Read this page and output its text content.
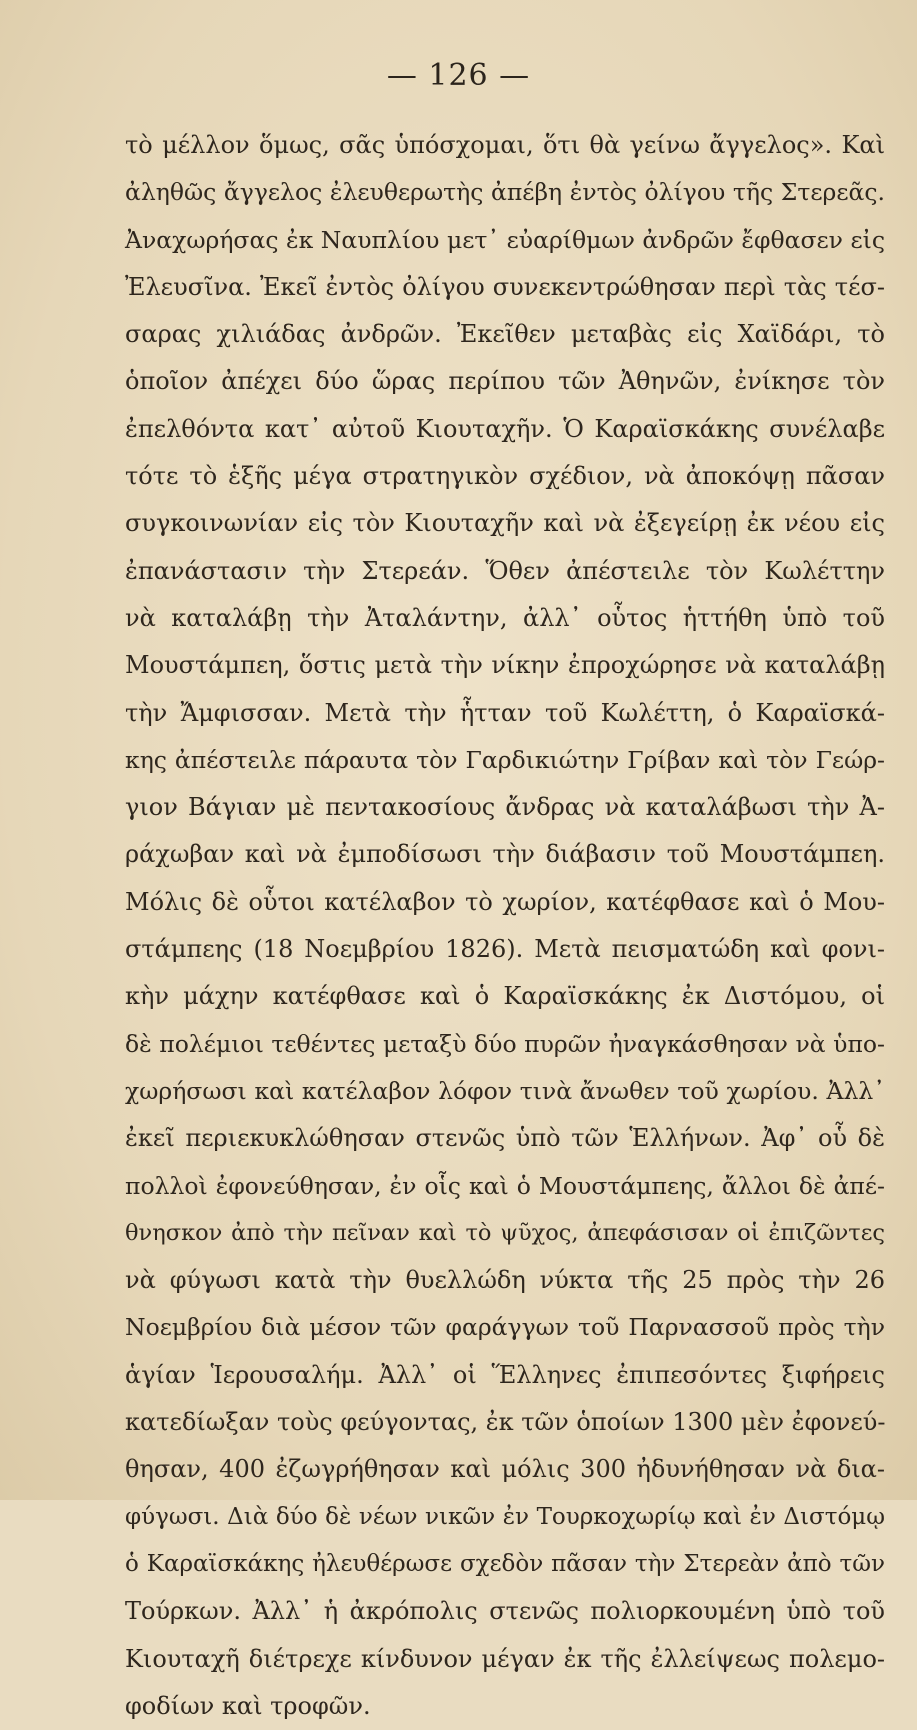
— 126 —
τὸ μέλλον ὅμως, σᾶς ὑπόσχομαι, ὅτι θὰ γείνω ἄγγελος». Καὶ
ἀληθῶς ἄγγελος ἐλευθερωτὴς ἀπέβη ἐντὸς ὀλίγου τῆς Στερεᾶς.
Ἀναχωρήσας ἐκ Ναυπλίου μετ᾽ εὐαρίθμων ἀνδρῶν ἔφθασεν εἰς
Ἐλευσῖνα. Ἐκεῖ ἐντὸς ὀλίγου συνεκεντρώθησαν περὶ τὰς τέσ-
σαρας χιλιάδας ἀνδρῶν. Ἐκεῖθεν μεταβὰς εἰς Χαϊδάρι, τὸ
ὁποῖον ἀπέχει δύο ὥρας περίπου τῶν Ἀθηνῶν, ἐνίκησε τὸν
ἐπελθόντα κατ᾽ αὐτοῦ Κιουταχῆν. Ὁ Καραϊσκάκης συνέλαβε
τότε τὸ ἑξῆς μέγα στρατηγικὸν σχέδιον, νὰ ἀποκόψῃ πᾶσαν
συγκοινωνίαν εἰς τὸν Κιουταχῆν καὶ νὰ ἐξεγείρῃ ἐκ νέου εἰς
ἐπανάστασιν τὴν Στερεάν. Ὅθεν ἀπέστειλε τὸν Κωλέττην
νὰ καταλάβῃ τὴν Ἀταλάντην, ἀλλ᾽ οὗτος ἡττήθη ὑπὸ τοῦ
Μουστάμπεη, ὅστις μετὰ τὴν νίκην ἐπροχώρησε νὰ καταλάβῃ
τὴν Ἄμφισσαν. Μετὰ τὴν ἧτταν τοῦ Κωλέττη, ὁ Καραϊσκά-
κης ἀπέστειλε πάραυτα τὸν Γαρδικιώτην Γρίβαν καὶ τὸν Γεώρ-
γιον Βάγιαν μὲ πεντακοσίους ἄνδρας νὰ καταλάβωσι τὴν Ἀ-
ράχωβαν καὶ νὰ ἐμποδίσωσι τὴν διάβασιν τοῦ Μουστάμπεη.
Μόλις δὲ οὗτοι κατέλαβον τὸ χωρίον, κατέφθασε καὶ ὁ Μου-
στάμπεης (18 Νοεμβρίου 1826). Μετὰ πεισματώδη καὶ φονι-
κὴν μάχην κατέφθασε καὶ ὁ Καραϊσκάκης ἐκ Διστόμου, οἱ
δὲ πολέμιοι τεθέντες μεταξὺ δύο πυρῶν ἠναγκάσθησαν νὰ ὑπο-
χωρήσωσι καὶ κατέλαβον λόφον τινὰ ἄνωθεν τοῦ χωρίου. Ἀλλ᾽
ἐκεῖ περιεκυκλώθησαν στενῶς ὑπὸ τῶν Ἑλλήνων. Ἀφ᾽ οὗ δὲ
πολλοὶ ἐφονεύθησαν, ἐν οἷς καὶ ὁ Μουστάμπεης, ἄλλοι δὲ ἀπέ-
θνησκον ἀπὸ τὴν πεῖναν καὶ τὸ ψῦχος, ἀπεφάσισαν οἱ ἐπιζῶντες
νὰ φύγωσι κατὰ τὴν θυελλώδη νύκτα τῆς 25 πρὸς τὴν 26
Νοεμβρίου διὰ μέσον τῶν φαράγγων τοῦ Παρνασσοῦ πρὸς τὴν
ἁγίαν Ἱερουσαλήμ. Ἀλλ᾽ οἱ Ἕλληνες ἐπιπεσόντες ξιφήρεις
κατεδίωξαν τοὺς φεύγοντας, ἐκ τῶν ὁποίων 1300 μὲν ἐφονεύ-
θησαν, 400 ἐζωγρήθησαν καὶ μόλις 300 ἠδυνήθησαν νὰ δια-
φύγωσι. Διὰ δύο δὲ νέων νικῶν ἐν Τουρκοχωρίῳ καὶ ἐν Διστόμῳ
ὁ Καραϊσκάκης ἠλευθέρωσε σχεδὸν πᾶσαν τὴν Στερεὰν ἀπὸ τῶν
Τούρκων. Ἀλλ᾽ ἡ ἀκρόπολις στενῶς πολιορκουμένη ὑπὸ τοῦ
Κιουταχῆ διέτρεχε κίνδυνον μέγαν ἐκ τῆς ἐλλείψεως πολεμο-
φοδίων καὶ τροφῶν.
